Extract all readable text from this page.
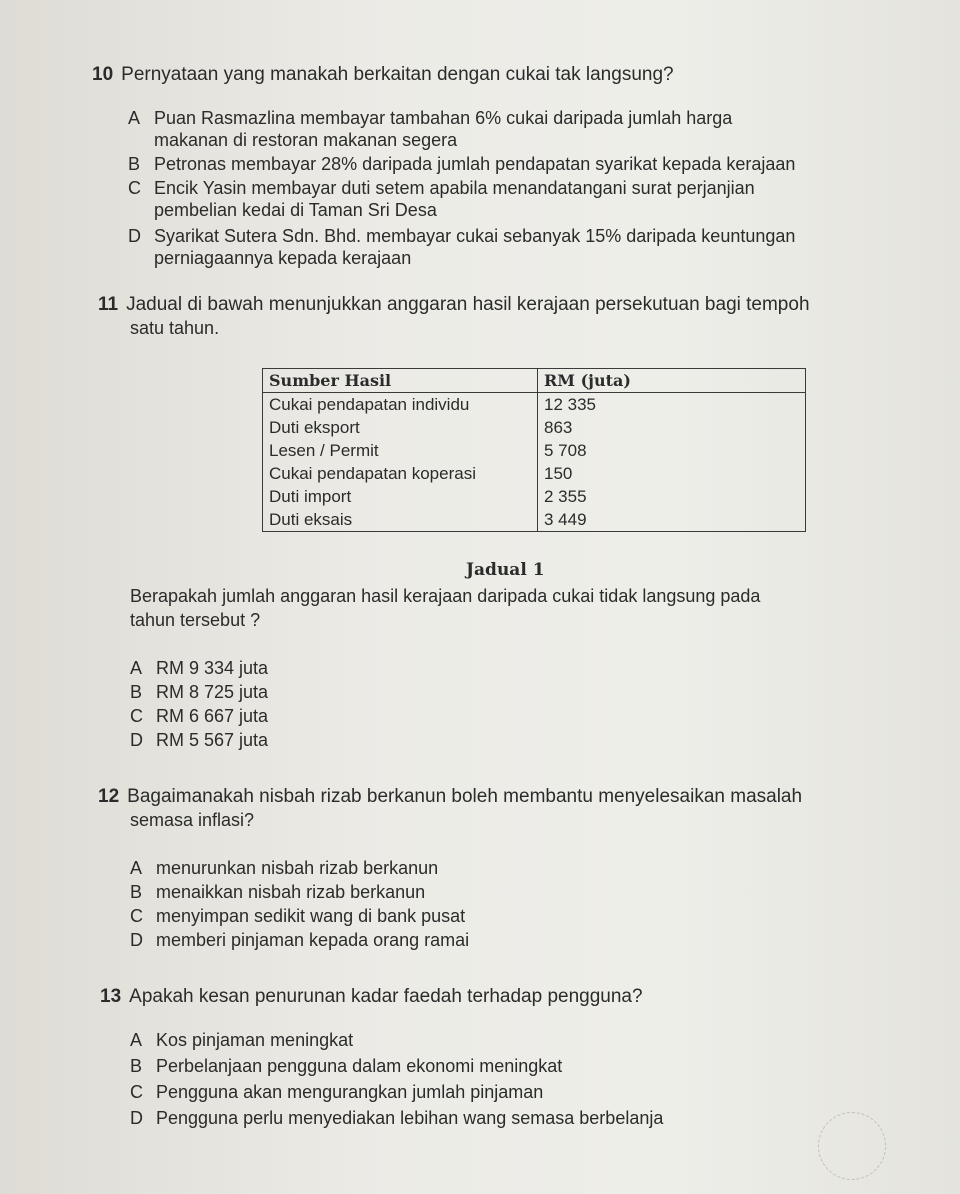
10 Pernyataan yang manakah berkaitan dengan cukai tak langsung?
A Puan Rasmazlina membayar tambahan 6% cukai daripada jumlah harga
makanan di restoran makanan segera
B Petronas membayar 28% daripada jumlah pendapatan syarikat kepada kerajaan
C Encik Yasin membayar duti setem apabila menandatangani surat perjanjian
pembelian kedai di Taman Sri Desa
D Syarikat Sutera Sdn. Bhd. membayar cukai sebanyak 15% daripada keuntungan
perniagaannya kepada kerajaan
11 Jadual di bawah menunjukkan anggaran hasil kerajaan persekutuan bagi tempoh
satu tahun.
Sumber Hasil	RM (juta)
Cukai pendapatan individu	12 335
Duti eksport	863
Lesen / Permit	5 708
Cukai pendapatan koperasi	150
Duti import	2 355
Duti eksais	3 449
Jadual 1
Berapakah jumlah anggaran hasil kerajaan daripada cukai tidak langsung pada
tahun tersebut ?
A RM 9 334 juta
B RM 8 725 juta
C RM 6 667 juta
D RM 5 567 juta
12 Bagaimanakah nisbah rizab berkanun boleh membantu menyelesaikan masalah
semasa inflasi?
A menurunkan nisbah rizab berkanun
B menaikkan nisbah rizab berkanun
C menyimpan sedikit wang di bank pusat
D memberi pinjaman kepada orang ramai
13 Apakah kesan penurunan kadar faedah terhadap pengguna?
A Kos pinjaman meningkat
B Perbelanjaan pengguna dalam ekonomi meningkat
C Pengguna akan mengurangkan jumlah pinjaman
D Pengguna perlu menyediakan lebihan wang semasa berbelanja
